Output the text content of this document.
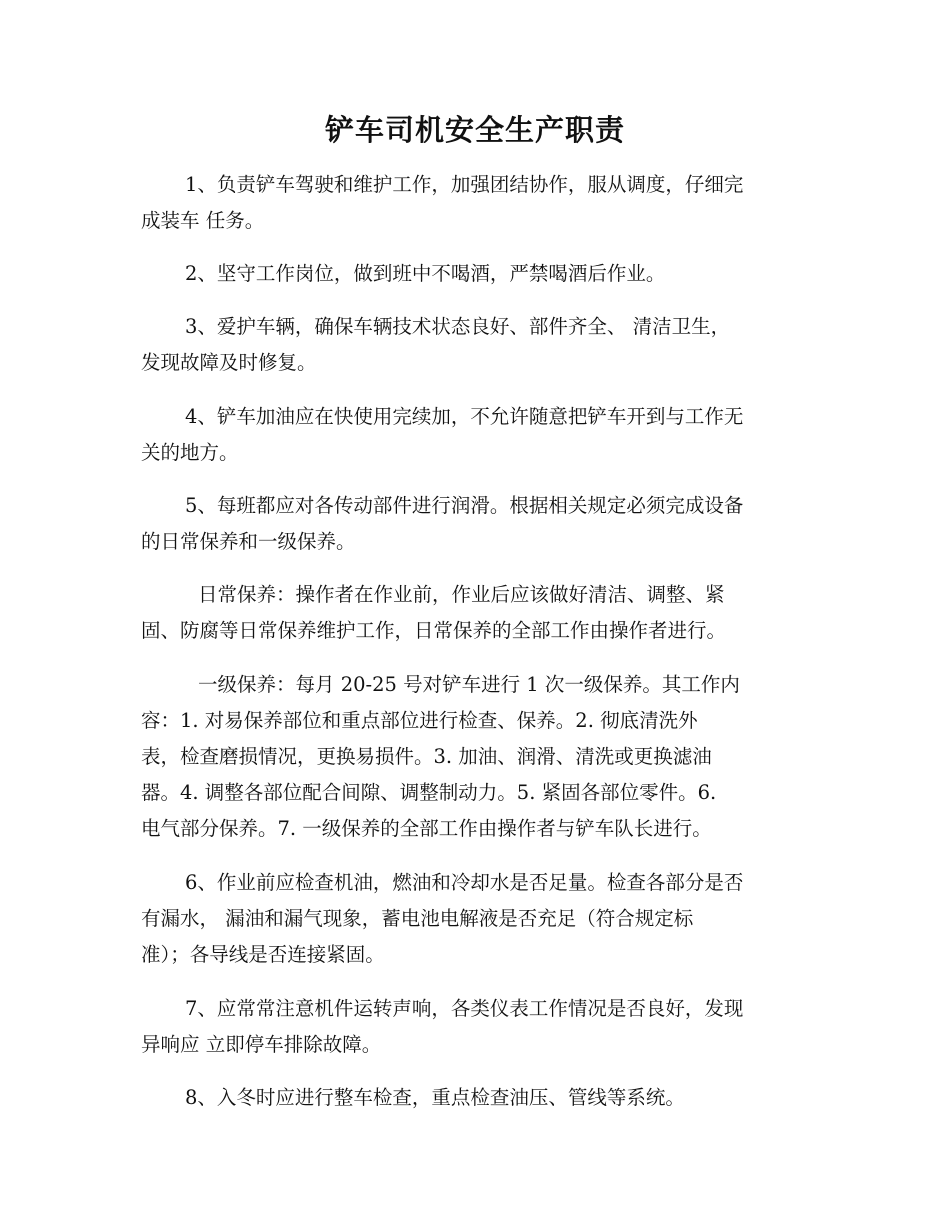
铲车司机安全生产职责
1、负责铲车驾驶和维护工作，加强团结协作，服从调度，仔细完
成装车 任务。
2、坚守工作岗位，做到班中不喝酒，严禁喝酒后作业。
3、爱护车辆，确保车辆技术状态良好、部件齐全、 清洁卫生，
发现故障及时修复。
4、铲车加油应在快使用完续加，不允许随意把铲车开到与工作无
关的地方。
5、每班都应对各传动部件进行润滑。根据相关规定必须完成设备
的日常保养和一级保养。
日常保养：操作者在作业前，作业后应该做好清洁、调整、紧
固、防腐等日常保养维护工作，日常保养的全部工作由操作者进行。
一级保养：每月 20-25 号对铲车进行 1 次一级保养。其工作内
容：1. 对易保养部位和重点部位进行检查、保养。2. 彻底清洗外
表，检查磨损情况，更换易损件。3. 加油、润滑、清洗或更换滤油
器。4. 调整各部位配合间隙、调整制动力。5. 紧固各部位零件。6.
电气部分保养。7. 一级保养的全部工作由操作者与铲车队长进行。
6、作业前应检查机油，燃油和冷却水是否足量。检查各部分是否
有漏水， 漏油和漏气现象，蓄电池电解液是否充足（符合规定标
准）；各导线是否连接紧固。
7、应常常注意机件运转声响，各类仪表工作情况是否良好，发现
异响应 立即停车排除故障。
8、入冬时应进行整车检查，重点检查油压、管线等系统。
